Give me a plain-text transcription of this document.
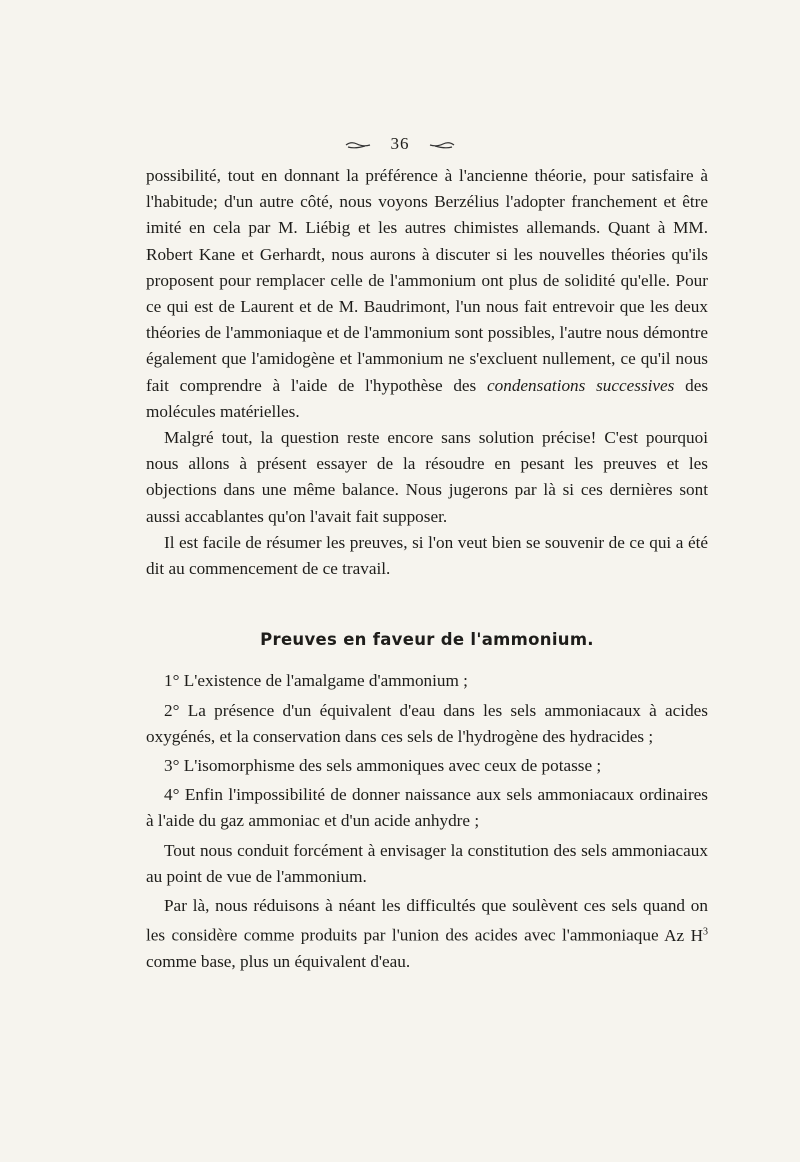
36

possibilité, tout en donnant la préférence à l'ancienne théorie, pour satisfaire à l'habitude; d'un autre côté, nous voyons Berzélius l'adopter franchement et être imité en cela par M. Liébig et les autres chimistes allemands. Quant à MM. Robert Kane et Gerhardt, nous aurons à discuter si les nouvelles théories qu'ils proposent pour remplacer celle de l'ammonium ont plus de solidité qu'elle. Pour ce qui est de Laurent et de M. Baudrimont, l'un nous fait entrevoir que les deux théories de l'ammoniaque et de l'ammonium sont possibles, l'autre nous démontre également que l'amidogène et l'ammonium ne s'excluent nullement, ce qu'il nous fait comprendre à l'aide de l'hypothèse des condensations successives des molécules matérielles.

Malgré tout, la question reste encore sans solution précise! C'est pourquoi nous allons à présent essayer de la résoudre en pesant les preuves et les objections dans une même balance. Nous jugerons par là si ces dernières sont aussi accablantes qu'on l'avait fait supposer.

Il est facile de résumer les preuves, si l'on veut bien se souvenir de ce qui a été dit au commencement de ce travail.

Preuves en faveur de l'ammonium.

1° L'existence de l'amalgame d'ammonium ;

2° La présence d'un équivalent d'eau dans les sels ammoniacaux à acides oxygénés, et la conservation dans ces sels de l'hydrogène des hydracides ;

3° L'isomorphisme des sels ammoniques avec ceux de potasse ;

4° Enfin l'impossibilité de donner naissance aux sels ammoniacaux ordinaires à l'aide du gaz ammoniac et d'un acide anhydre ;

Tout nous conduit forcément à envisager la constitution des sels ammoniacaux au point de vue de l'ammonium.

Par là, nous réduisons à néant les difficultés que soulèvent ces sels quand on les considère comme produits par l'union des acides avec l'ammoniaque Az $H^3$ comme base, plus un équivalent d'eau.
